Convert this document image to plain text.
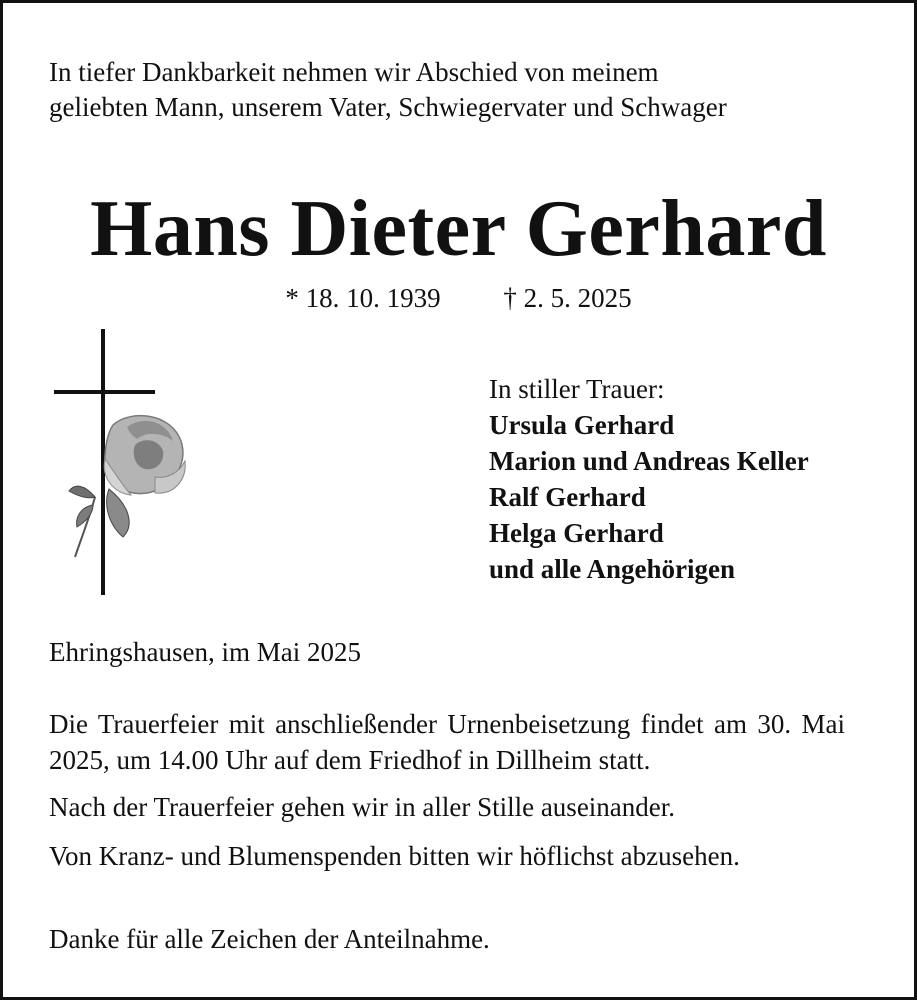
In tiefer Dankbarkeit nehmen wir Abschied von meinem
geliebten Mann, unserem Vater, Schwiegervater und Schwager
Hans Dieter Gerhard
* 18. 10. 1939 † 2. 5. 2025
In stiller Trauer:
Ursula Gerhard
Marion und Andreas Keller
Ralf Gerhard
Helga Gerhard
und alle Angehörigen
Ehringshausen, im Mai 2025
Die Trauerfeier mit anschließender Urnenbeisetzung findet am 30. Mai 2025, um 14.00 Uhr auf dem Friedhof in Dillheim statt.
Nach der Trauerfeier gehen wir in aller Stille auseinander.
Von Kranz- und Blumenspenden bitten wir höflichst abzusehen.
Danke für alle Zeichen der Anteilnahme.
